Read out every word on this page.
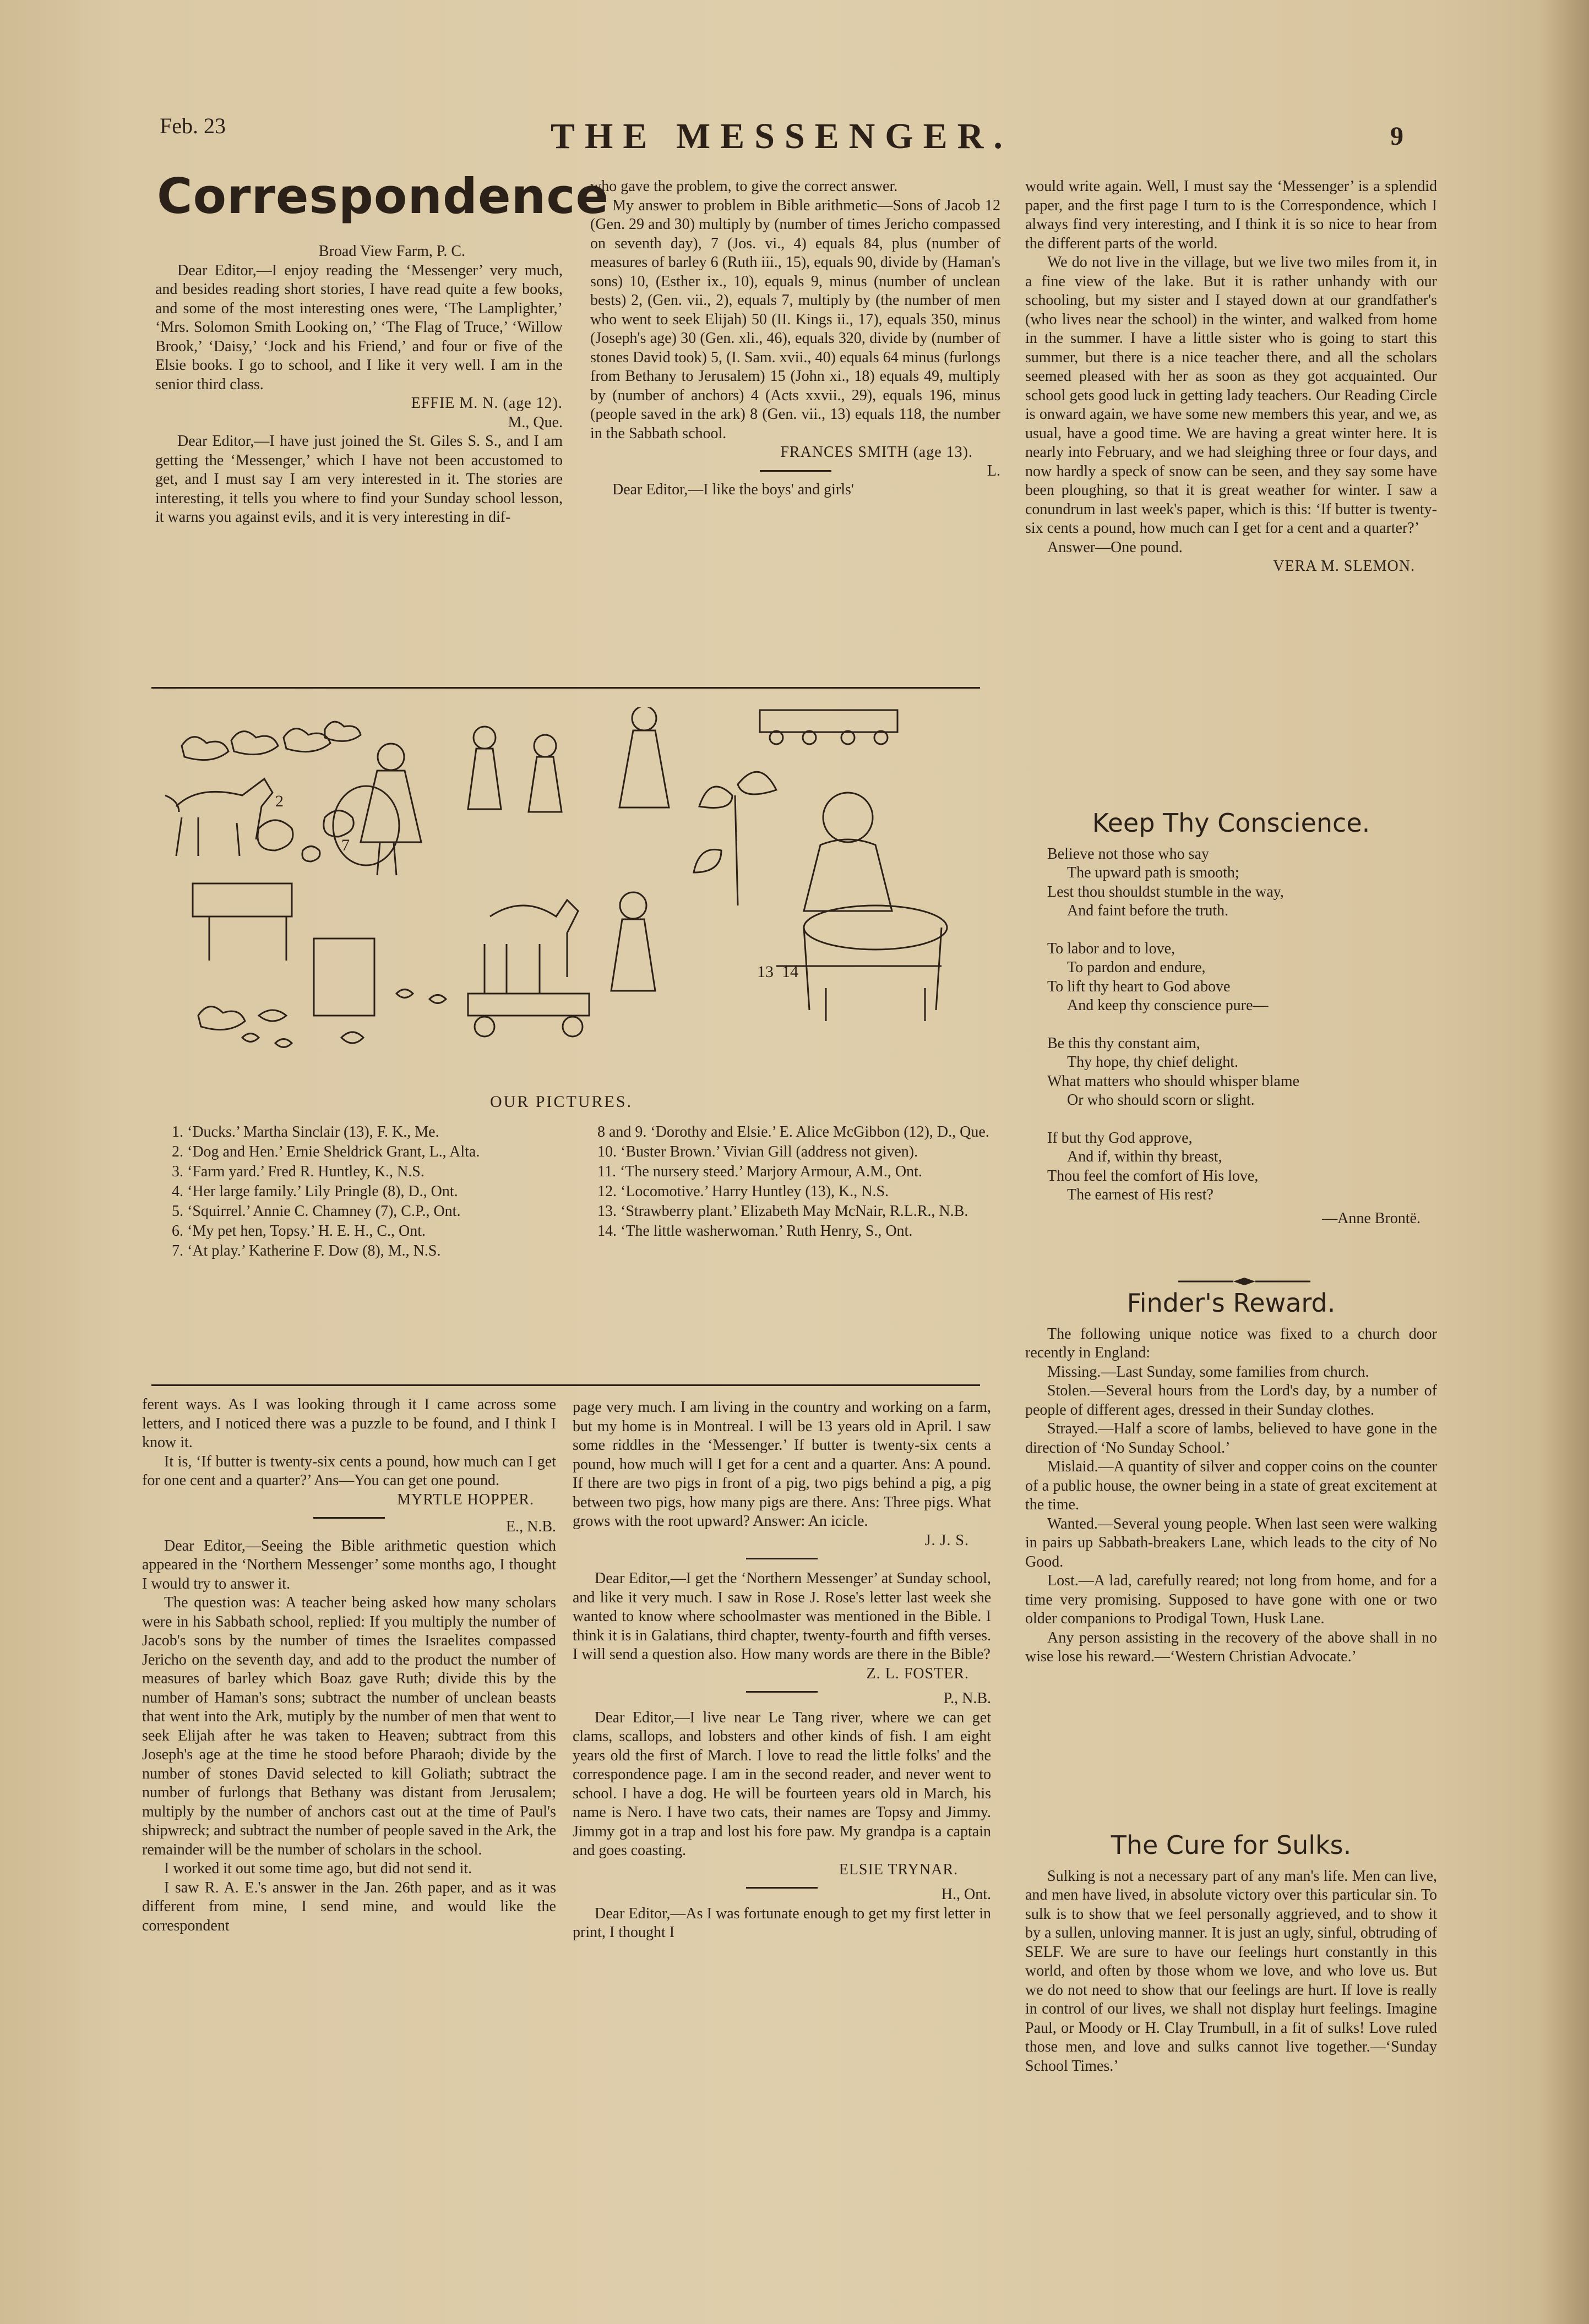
Feb. 23	THE MESSENGER.	9
Correspondence

Broad View Farm, P. C.

Dear Editor,—I enjoy reading the ‘Messenger’ very much, and besides reading short stories, I have read quite a few books, and some of the most interesting ones were, ‘The Lamplighter,’ ‘Mrs. Solomon Smith Looking on,’ ‘The Flag of Truce,’ ‘Willow Brook,’ ‘Daisy,’ ‘Jock and his Friend,’ and four or five of the Elsie books. I go to school, and I like it very well. I am in the senior third class.

EFFIE M. N. (age 12).

M., Que.

Dear Editor,—I have just joined the St. Giles S. S., and I am getting the ‘Messenger,’ which I have not been accustomed to get, and I must say I am very interested in it. The stories are interesting, it tells you where to find your Sunday school lesson, it warns you against evils, and it is very interesting in dif-

who gave the problem, to give the correct answer.

My answer to problem in Bible arithmetic—Sons of Jacob 12 (Gen. 29 and 30) multiply by (number of times Jericho compassed on seventh day), 7 (Jos. vi., 4) equals 84, plus (number of measures of barley 6 (Ruth iii., 15), equals 90, divide by (Haman's sons) 10, (Esther ix., 10), equals 9, minus (number of unclean bests) 2, (Gen. vii., 2), equals 7, multiply by (the number of men who went to seek Elijah) 50 (II. Kings ii., 17), equals 350, minus (Joseph's age) 30 (Gen. xli., 46), equals 320, divide by (number of stones David took) 5, (I. Sam. xvii., 40) equals 64 minus (furlongs from Bethany to Jerusalem) 15 (John xi., 18) equals 49, multiply by (number of anchors) 4 (Acts xxvii., 29), equals 196, minus (people saved in the ark) 8 (Gen. vii., 13) equals 118, the number in the Sabbath school.

FRANCES SMITH (age 13).

L.

Dear Editor,—I like the boys' and girls'

would write again. Well, I must say the ‘Messenger’ is a splendid paper, and the first page I turn to is the Correspondence, which I always find very interesting, and I think it is so nice to hear from the different parts of the world.

We do not live in the village, but we live two miles from it, in a fine view of the lake. But it is rather unhandy with our schooling, but my sister and I stayed down at our grandfather's (who lives near the school) in the winter, and walked from home in the summer. I have a little sister who is going to start this summer, but there is a nice teacher there, and all the scholars seemed pleased with her as soon as they got acquainted. Our school gets good luck in getting lady teachers. Our Reading Circle is onward again, we have some new members this year, and we, as usual, have a good time. We are having a great winter here. It is nearly into February, and we had sleighing three or four days, and now hardly a speck of snow can be seen, and they say some have been ploughing, so that it is great weather for winter. I saw a conundrum in last week's paper, which is this: ‘If butter is twenty-six cents a pound, how much can I get for a cent and a quarter?’

Answer—One pound.

VERA M. SLEMON.

2
7
13 14
OUR PICTURES.

1. ‘Ducks.’ Martha Sinclair (13), F. K., Me.

2. ‘Dog and Hen.’ Ernie Sheldrick Grant, L., Alta.

3. ‘Farm yard.’ Fred R. Huntley, K., N.S.

4. ‘Her large family.’ Lily Pringle (8), D., Ont.

5. ‘Squirrel.’ Annie C. Chamney (7), C.P., Ont.

6. ‘My pet hen, Topsy.’ H. E. H., C., Ont.

7. ‘At play.’ Katherine F. Dow (8), M., N.S.

8 and 9. ‘Dorothy and Elsie.’ E. Alice McGibbon (12), D., Que.

10. ‘Buster Brown.’ Vivian Gill (address not given).

11. ‘The nursery steed.’ Marjory Armour, A.M., Ont.

12. ‘Locomotive.’ Harry Huntley (13), K., N.S.

13. ‘Strawberry plant.’ Elizabeth May McNair, R.L.R., N.B.

14. ‘The little washerwoman.’ Ruth Henry, S., Ont.

Keep Thy Conscience.

Believe not those who say

The upward path is smooth;

Lest thou shouldst stumble in the way,

And faint before the truth.

To labor and to love,

To pardon and endure,

To lift thy heart to God above

And keep thy conscience pure—

Be this thy constant aim,

Thy hope, thy chief delight.

What matters who should whisper blame

Or who should scorn or slight.

If but thy God approve,

And if, within thy breast,

Thou feel the comfort of His love,

The earnest of His rest?

—Anne Brontë.

Finder's Reward.

The following unique notice was fixed to a church door recently in England:

Missing.—Last Sunday, some families from church.

Stolen.—Several hours from the Lord's day, by a number of people of different ages, dressed in their Sunday clothes.

Strayed.—Half a score of lambs, believed to have gone in the direction of ‘No Sunday School.’

Mislaid.—A quantity of silver and copper coins on the counter of a public house, the owner being in a state of great excitement at the time.

Wanted.—Several young people. When last seen were walking in pairs up Sabbath-breakers Lane, which leads to the city of No Good.

Lost.—A lad, carefully reared; not long from home, and for a time very promising. Supposed to have gone with one or two older companions to Prodigal Town, Husk Lane.

Any person assisting in the recovery of the above shall in no wise lose his reward.—‘Western Christian Advocate.’

The Cure for Sulks.

Sulking is not a necessary part of any man's life. Men can live, and men have lived, in absolute victory over this particular sin. To sulk is to show that we feel personally aggrieved, and to show it by a sullen, unloving manner. It is just an ugly, sinful, obtruding of SELF. We are sure to have our feelings hurt constantly in this world, and often by those whom we love, and who love us. But we do not need to show that our feelings are hurt. If love is really in control of our lives, we shall not display hurt feelings. Imagine Paul, or Moody or H. Clay Trumbull, in a fit of sulks! Love ruled those men, and love and sulks cannot live together.—‘Sunday School Times.’

ferent ways. As I was looking through it I came across some letters, and I noticed there was a puzzle to be found, and I think I know it.

It is, ‘If butter is twenty-six cents a pound, how much can I get for one cent and a quarter?’ Ans—You can get one pound.

MYRTLE HOPPER.

E., N.B.

Dear Editor,—Seeing the Bible arithmetic question which appeared in the ‘Northern Messenger’ some months ago, I thought I would try to answer it.

The question was: A teacher being asked how many scholars were in his Sabbath school, replied: If you multiply the number of Jacob's sons by the number of times the Israelites compassed Jericho on the seventh day, and add to the product the number of measures of barley which Boaz gave Ruth; divide this by the number of Haman's sons; subtract the number of unclean beasts that went into the Ark, mutiply by the number of men that went to seek Elijah after he was taken to Heaven; subtract from this Joseph's age at the time he stood before Pharaoh; divide by the number of stones David selected to kill Goliath; subtract the number of furlongs that Bethany was distant from Jerusalem; multiply by the number of anchors cast out at the time of Paul's shipwreck; and subtract the number of people saved in the Ark, the remainder will be the number of scholars in the school.

I worked it out some time ago, but did not send it.

I saw R. A. E.'s answer in the Jan. 26th paper, and as it was different from mine, I send mine, and would like the correspondent

page very much. I am living in the country and working on a farm, but my home is in Montreal. I will be 13 years old in April. I saw some riddles in the ‘Messenger.’ If butter is twenty-six cents a pound, how much will I get for a cent and a quarter. Ans: A pound. If there are two pigs in front of a pig, two pigs behind a pig, a pig between two pigs, how many pigs are there. Ans: Three pigs. What grows with the root upward? Answer: An icicle.

J. J. S.

Dear Editor,—I get the ‘Northern Messenger’ at Sunday school, and like it very much. I saw in Rose J. Rose's letter last week she wanted to know where schoolmaster was mentioned in the Bible. I think it is in Galatians, third chapter, twenty-fourth and fifth verses. I will send a question also. How many words are there in the Bible?

Z. L. FOSTER.

P., N.B.

Dear Editor,—I live near Le Tang river, where we can get clams, scallops, and lobsters and other kinds of fish. I am eight years old the first of March. I love to read the little folks' and the correspondence page. I am in the second reader, and never went to school. I have a dog. He will be fourteen years old in March, his name is Nero. I have two cats, their names are Topsy and Jimmy. Jimmy got in a trap and lost his fore paw. My grandpa is a captain and goes coasting.

ELSIE TRYNAR.

H., Ont.

Dear Editor,—As I was fortunate enough to get my first letter in print, I thought I
